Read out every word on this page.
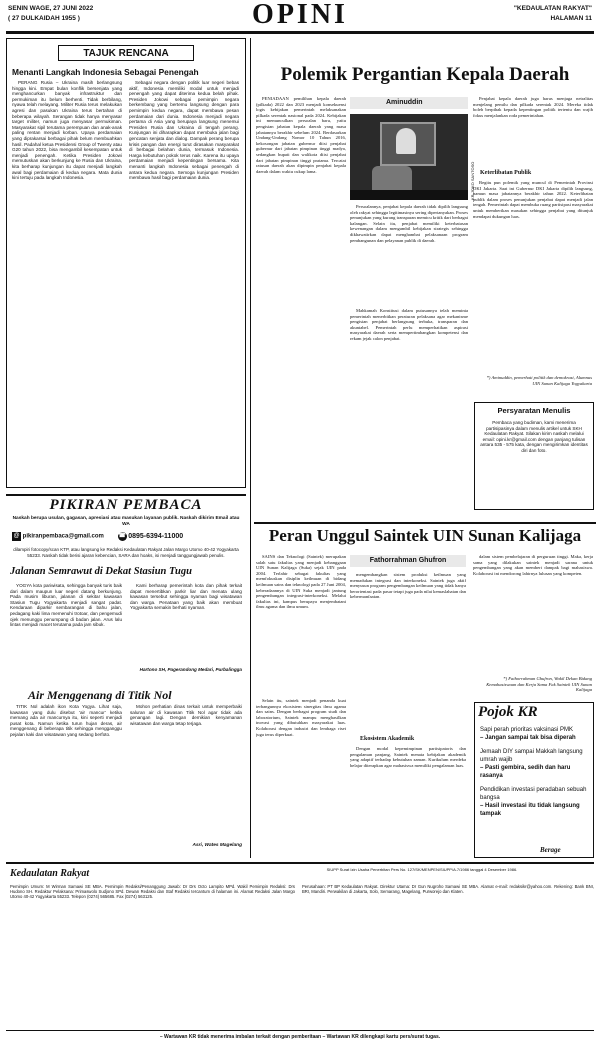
SENIN WAGE, 27 JUNI 2022
( 27 DULKAIDAH 1955 )	OPINI	"KEDAULATAN RAKYAT"
HALAMAN 11
TAJUK RENCANA
Menanti Langkah Indonesia Sebagai Penengah
PERANG Rusia – Ukraina masih berlangsung hingga kini. Empat bulan konflik bersenjata yang menghancurkan banyak infrastruktur dan permukiman itu belum berhenti. Tidak berbilang, nyawa telah melayang. Militer Rusia terus melakukan agresi dan pasukan Ukraina terus bertahan di beberapa wilayah. Serangan tidak hanya menyasar target militer, namun juga menyasar permukiman. Masyarakat sipil terutama perempuan dan anak-anak paling rentan menjadi korban. Upaya perdamaian yang diprakarsai berbagai pihak belum membuahkan hasil. Padahal ketua Presidensi Group of Twenty atau G20 tahun 2022, bisa mengambil kesempatan untuk menjadi penengah. Ketika Presiden Jokowi memutuskan akan berkunjung ke Rusia dan Ukraina, kita berharap kunjungan itu dapat menjadi langkah awal bagi perdamaian di kedua negara. Mata dunia kini tertuju pada langkah Indonesia.
Sebagai negara dengan politik luar negeri bebas aktif, Indonesia memiliki modal untuk menjadi penengah yang dapat diterima kedua belah pihak. Presiden Jokowi sebagai pemimpin negara berkembang yang bertemu langsung dengan para pemimpin kedua negara, dapat membawa pesan perdamaian dari dunia. Indonesia menjadi negara pertama di Asia yang berupaya langsung menemui Presiden Rusia dan Ukraina di tengah perang. Kunjungan ini diharapkan dapat membuka jalan bagi gencatan senjata dan dialog. Dampak perang berupa krisis pangan dan energi turut dirasakan masyarakat di berbagai belahan dunia, termasuk Indonesia. Harga kebutuhan pokok terus naik. Karena itu upaya perdamaian menjadi kepentingan bersama. Kita menanti langkah Indonesia sebagai penengah di antara kedua negara. Semoga kunjungan Presiden membawa hasil bagi perdamaian dunia.
PIKIRAN PEMBACA
Naskah berupa usulan, gagasan, apresiasi atau masukan layanan publik. Naskah dikirim Email atau WA
@ pikiranpembaca@gmail.com ☎ 0895-6394-11000
dilampiri fotocopy/scan KTP, atau langsung ke Redaksi Kedaulatan Rakyat Jalan Margo Utomo 40-42 Yogyakarta 55233. Naskah tidak berisi ajaran kebencian, SARA dan hoaks, isi menjadi tanggungjawab penulis.
Jalanan Semrawut di Dekat Stasiun Tugu
YOGYA kota pariwisata, sehingga banyak turis baik dari dalam maupun luar negeri datang berkunjung. Pada musim liburan, jalanan di sekitar kawasan Stasiun Tugu Yogyakarta menjadi sangat padat. Kendaraan diparkir sembarangan di bahu jalan, pedagang kaki lima memenuhi trotoar, dan pengemudi ojek menunggu penumpang di badan jalan. Arus lalu lintas menjadi macet terutama pada jam sibuk.
Kami berharap pemerintah kota dan pihak terkait dapat menertibkan parkir liar dan menata ulang kawasan tersebut sehingga nyaman bagi wisatawan dan warga. Penataan yang baik akan membuat Yogyakarta semakin berhati nyaman.
Hartono SH, Pagerandong Medari, Purbalingga
Air Menggenang di Titik Nol
TITIK Nol adalah ikon Kota Yogya. Lihat saja, kawasan yang dulu disebut 'air mancur' ketika memang ada air mancurnya itu, kini seperti menjadi pusat kota. Namun ketika turun hujan deras, air menggenang di beberapa titik sehingga mengganggu pejalan kaki dan wisatawan yang sedang berfoto.
Mohon perhatian dinas terkait untuk memperbaiki saluran air di kawasan Titik Nol agar tidak ada genangan lagi. Dengan demikian kenyamanan wisatawan dan warga tetap terjaga.
Asri, Wates Magelang
Polemik Pergantian Kepala Daerah
PENIADAAN pemilihan kepala daerah (pilkada) 2022 dan 2023 menjadi konsekuensi logis kebijakan pemerintah melaksanakan pilkada serentak nasional pada 2024. Kebijakan ini memunculkan persoalan baru, yaitu pengisian jabatan kepala daerah yang masa jabatannya berakhir sebelum 2024. Berdasarkan Undang-Undang Nomor 10 Tahun 2016, kekosongan jabatan gubernur diisi penjabat gubernur dari jabatan pimpinan tinggi madya, sedangkan bupati dan walikota diisi penjabat dari jabatan pimpinan tinggi pratama. Tercatat ratusan daerah akan dipimpin penjabat kepala daerah dalam waktu cukup lama.
Aminuddin
KR-JOKO SANTOSO
Persoalannya, penjabat kepala daerah tidak dipilih langsung oleh rakyat sehingga legitimasinya sering dipertanyakan. Proses penunjukan yang kurang transparan memicu kritik dari berbagai kalangan. Selain itu, penjabat memiliki keterbatasan kewenangan dalam mengambil kebijakan strategis sehingga dikhawatirkan dapat menghambat pelaksanaan program pembangunan dan pelayanan publik di daerah.
Mahkamah Konstitusi dalam putusannya telah meminta pemerintah menerbitkan peraturan pelaksana agar mekanisme pengisian penjabat berlangsung terbuka, transparan dan akuntabel. Pemerintah perlu memperhatikan aspirasi masyarakat daerah serta mempertimbangkan kompetensi dan rekam jejak calon penjabat.
Penjabat kepala daerah juga harus menjaga netralitas menjelang pemilu dan pilkada serentak 2024. Mereka tidak boleh berpihak kepada kepentingan politik tertentu dan wajib fokus menjalankan roda pemerintahan.
Keterlibatan Publik
Begitu pun polemik yang muncul di Pemerintah Provinsi DKI Jakarta. Saat ini Gubernur DKI Jakarta dipilih langsung, namun masa jabatannya berakhir tahun 2022. Keterlibatan publik dalam proses penunjukan penjabat dapat menjadi jalan tengah. Pemerintah dapat membuka ruang partisipasi masyarakat untuk memberikan masukan sehingga penjabat yang ditunjuk mendapat dukungan luas.
*) Aminuddin, pemerhati politik dan demokrasi, Alumnus UIN Sunan Kalijaga Yogyakarta
Persyaratan Menulis
Pembaca yang budiman, kami menerima partisipasinya dalam menulis artikel untuk SKH Kedaulatan Rakyat. Silakan kirim naskah melalui email: opini.kr@gmail.com dengan panjang tulisan antara 535 - 575 kata, dengan mengirimkan identitas diri dan foto.
Peran Unggul Saintek UIN Sunan Kalijaga
SAINS dan Teknologi (Saintek) merupakan salah satu fakultas yang menjadi kebanggaan UIN Sunan Kalijaga (Suka) sejak UIN pada 2004. Terlahir sebagai fakultas yang memfokuskan disiplin keilmuan di bidang keilmuan sains dan teknologi pada 27 Juni 2004, keberadaannya di UIN Suka menjadi jantung pengembangan integrasi-interkoneksi. Melalui fakultas ini, kampus berupaya menjembatani ilmu agama dan ilmu umum.
Selain itu, saintek menjadi penanda kuat terbangunnya ekosistem sinergitas ilmu agama dan sains. Dengan berbagai program studi dan laboratorium, Saintek mampu menghasilkan inovasi yang dibutuhkan masyarakat luas. Kolaborasi dengan industri dan lembaga riset juga terus diperkuat.
Fathorrahman Ghufron
mengembangkan sistem produksi keilmuan yang memadukan integrasi dan interkoneksi. Saintek juga aktif menyusun program pengembangan keilmuan yang tidak hanya berorientasi pada pasar tetapi juga pada nilai kemaslahatan dan kebermanfaatan.
Ekosistem Akademik
Dengan modal kepemimpinan partisipatoris dan pengalaman panjang, Saintek menata kebijakan akademik yang adaptif terhadap kebutuhan zaman. Kurikulum merdeka belajar diterapkan agar mahasiswa memiliki pengalaman luas.
dalam sistem pembelajaran di perguruan tinggi. Maka, kerja sama yang dilakukan saintek menjadi sarana untuk pengembangan yang akan memberi dampak bagi mahasiswa. Kolaborasi ini mendorong lahirnya lulusan yang kompeten.
*) Fathorrahman Ghufron, Wakil Dekan Bidang Kemahasiswaan dan Kerja Sama Fak Saintek UIN Sunan Kalijaga
Pojok KR
Sapi perah prioritas vaksinasi PMK
– Jangan sampai tak bisa diperah
Jemaah DIY sampai Makkah langsung umrah wajib
– Pasti gembira, sedih dan haru rasanya
Pendidikan investasi peradaban sebuah bangsa
– Hasil investasi itu tidak langsung tampak
Berage
Kedaulatan Rakyat	SIUPP Surat Izin Usaha Penerbitan Pers No. 127/SK/MENPEN/SIUPP/A.7/1986 tanggal 4 Desember 1986.
Pemimpin Umum: M Wirman Samawi SE MBA. Pemimpin Redaksi/Penanggung Jawab: Dr Drs Octo Lampito MPd. Wakil Pemimpin Redaksi: Drs Hudono SH. Redaktur Pelaksana: Primaswolo Sudjono SPd. Dewan Redaksi dan Staf Redaksi tercantum di halaman ini. Alamat Redaksi Jalan Margo Utomo 40-42 Yogyakarta 55233. Telepon (0274) 565685. Fax (0274) 563125.
Perusahaan: PT BP Kedaulatan Rakyat. Direktur Utama: Dr Gun Nugroho Samawi SE MBA. Alamat e-mail: redaksikr@yahoo.com. Rekening: Bank BNI, BRI, Mandiri. Perwakilan di Jakarta, Solo, Semarang, Magelang, Purworejo dan Klaten.
– Wartawan KR tidak menerima imbalan terkait dengan pemberitaan – Wartawan KR dilengkapi kartu pers/surat tugas.
